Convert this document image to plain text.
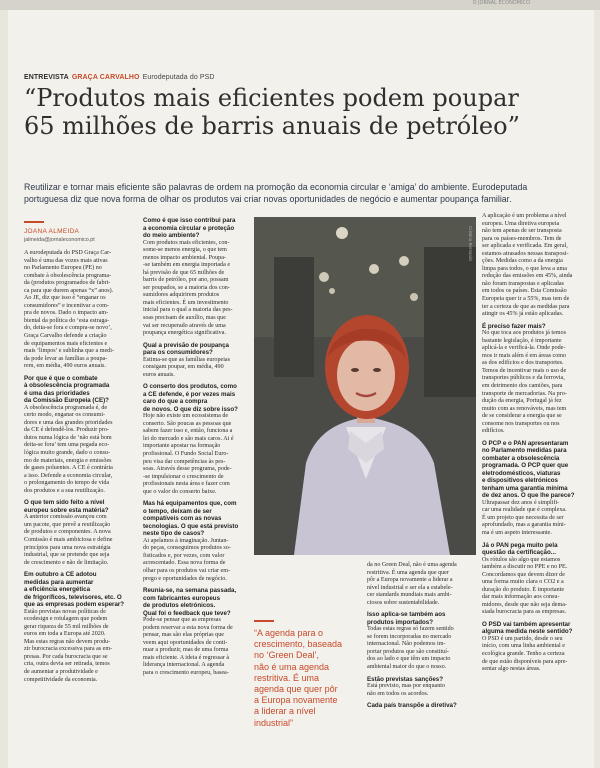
O JORNAL ECONÓMICO
ENTREVISTA GRAÇA CARVALHO Eurodeputada do PSD
“Produtos mais eficientes podem poupar
65 milhões de barris anuais de petróleo”

Reutilizar e tornar mais eficiente são palavras de ordem na promoção da economia circular e ‘amiga’ do ambiente. Eurodeputada
portuguesa diz que nova forma de olhar os produtos vai criar novas oportunidades de negócio e aumentar poupança familiar.

JOANA ALMEIDA
jalmeida@jornaleconomico.pt

A eurodeputada do PSD Graça Car-
valho é uma das vozes mais ativas
no Parlamento Europeu (PE) no
combate à obsolescência programa-
da (produtos programados de fabri-
ca para que durem apenas “x” anos).
Ao JE, diz que isso é “enganar os
consumidores” e incentivar a com-
pra de novos. Dado o impacto am-
biental da política do ‘esta estraga-
do, deita-se fora e compra-se novo’,
Graça Carvalho defende a criação
de equipamentos mais eficientes e
mais ‘limpos’ e sublinha que a medi-
da pode levar as famílias a poupa-
rem, em média, 490 euros anuais.

Por que é que o combate
à obsolescência programada
é uma das prioridades
da Comissão Europeia (CE)?

A obsolescência programada é, de
certo modo, enganar os consumi-
dores e uma das grandes prioridades
da CE é defendê-los. Produzir pro-
dutos numa lógica de ‘não está bom
deita-se fora’ tem uma pegada eco-
lógica muito grande, dado o consu-
mo de materiais, energia e emissões
de gases poluentes. A CE é contrária
a isso. Defende a economia circular,
o prolongamento do tempo de vida
dos produtos e a sua reutilização.

O que tem sido feito a nível
europeu sobre esta matéria?

A anterior comissão avançou com
um pacote, que prevê a reutilização
de produtos e componentes. A nova
Comissão é mais ambiciosa e define
princípios para uma nova estratégia
industrial, que se pretende que seja
de crescimento e não de limitação.

Em outubro a CE adotou
medidas para aumentar
a eficiência energética
de frigoríficos, televisores, etc. O
que as empresas podem esperar?

Estão previstas novas políticas de
ecodesign e rotulagem que podem
gerar riqueza de 55 mil milhões de
euros em toda a Europa até 2020.
Mas estas regras não devem produ-
zir burocracia excessiva para as em-
presas. Por cada burocracia que se
cria, outra devia ser retirada, temos
de aumentar a produtividade e
competitividade da economia.

Como é que isso contribui para
a economia circular e proteção
do meio ambiente?

Com produtos mais eficientes, con-
some-se menos energia, o que tem
menos impacto ambiental. Poupa-
-se também em energia importada e
há previsão de que 65 milhões de
barris de petróleo, por ano, possam
ser poupados, se a maioria dos con-
sumidores adquirirem produtos
mais eficientes. É um investimento
inicial para o qual a maioria das pes-
soas precisam de auxílio, mas que
vai ser recuperado através de uma
poupança energética significativa.

Qual a previsão de poupança
para os consumidores?

Estima-se que as famílias europeias
consigam poupar, em média, 490
euros anuais.

O conserto dos produtos, como
a CE defende, é por vezes mais
caro do que a compra
de novos. O que diz sobre isso?

Hoje não existe um ecossistema de
conserto. São poucas as pessoas que
sabem fazer isso e, então, funciona a
lei do mercado e são mais caros. Ai é
importante apostar na formação
profissional. O Fundo Social Euro-
peu visa dar competências às pes-
soas. Através desse programa, pode-
-se impulsionar o crescimento de
profissionais nesta área e fazer com
que o valor do conserto baixe.

Mas há equipamentos que, com
o tempo, deixam de ser
compatíveis com as novas
tecnologias. O que está previsto
neste tipo de casos?

Ai apelamos à imaginação. Juntan-
do peças, conseguimos produtos so-
fisticados e, por vezes, com valor
acrescentado. Essa nova forma de
olhar para os produtos vai criar em-
prego e oportunidades de negócio.

Reunia-se, na semana passada,
com fabricantes europeus
de produtos eletrónicos.
Qual foi o feedback que teve?

Pode-se pensar que as empresas
podem reservar a esta nova forma de
pensar, mas são elas próprias que
veem aqui oportunidades de conti-
nuar a produzir, mas de uma forma
mais eficiente. A ideia é regressar à
liderança internacional. A agenda
para o crescimento europeu, basea-

Cristina Bernardo
“A agenda para o
crescimento, baseada
no ‘Green Deal’,
não é uma agenda
restritiva. É uma
agenda que quer pôr
a Europa novamente
a liderar a nível
industrial”

da no Green Deal, não é uma agenda
restritiva. É uma agenda que quer
pôr a Europa novamente a liderar a
nível industrial e ser ela a estabele-
cer standards mundiais mais ambi-
ciosos sobre sustentabilidade.

Isso aplica-se também aos
produtos importados?

Todas estas regras só fazem sentido
se forem incorporadas no mercado
internacional. Não podemos im-
portar produtos que são constituí-
dos ao lado e que têm um impacto
ambiental maior do que o nosso.

Estão previstas sanções?

Está previsto, mas por enquanto
não em todos os acordos.

Cada país transpõe a diretiva?

A aplicação é um problema a nível
europeu. Uma diretiva europeia
não tem apenas de ser transposta
para os países-membros. Tem de
ser aplicada e verificada. Em geral,
estamos atrasados nessas transposi-
ções. Medidas como a da energia
limpa para todos, o que leva a uma
redução das emissões em 45%, ainda
não foram transpostas e aplicadas
em todos os países. Esta Comissão
Europeia quer ir a 55%, mas tem de
ter a certeza de que as medidas para
atingir os 45% já estão aplicadas.

É preciso fazer mais?

No que toca aos produtos já temos
bastante legislação, é importante
aplicá-la e verificá-la. Onde pode-
mos ir mais além é em áreas como
as dos edifícios e dos transportes.
Temos de incentivar mais o uso de
transportes públicos e da ferrovia,
em detrimento dos camiões, para
transporte de mercadorias. Na pro-
dução da energia, Portugal já fez
muito com as renováveis, mas tem
de se considerar a energia que se
consome nos transportes ou nos
edifícios.

O PCP e o PAN apresentaram
no Parlamento medidas para
combater a obsolescência
programada. O PCP quer que
eletrodomésticos, viaturas
e dispositivos eletrónicos
tenham uma garantia mínima
de dez anos. O que lhe parece?

Ultrapassar dez anos é simplifi-
car uma realidade que é complexa.
É um projeto que necessita de ser
aprofundado, mas a garantia míni-
ma é um aspeto interessante.

Já o PAN pega muito pela
questão da certificação...

Os rótulos são algo que estamos
também a discutir no PPE e no PE.
Concordamos que devem dizer de
uma forma muito clara o CO2 e a
duração do produto. É importante
dar mais informação aos consu-
midores, desde que não seja dema-
siada burocracia para as empresas.

O PSD vai também apresentar
alguma medida neste sentido?

O PSD é um partido, desde o seu
início, com uma linha ambiental e
ecológica grande. Tenho a certeza
de que estão disponíveis para apre-
sentar algo nestas áreas.
